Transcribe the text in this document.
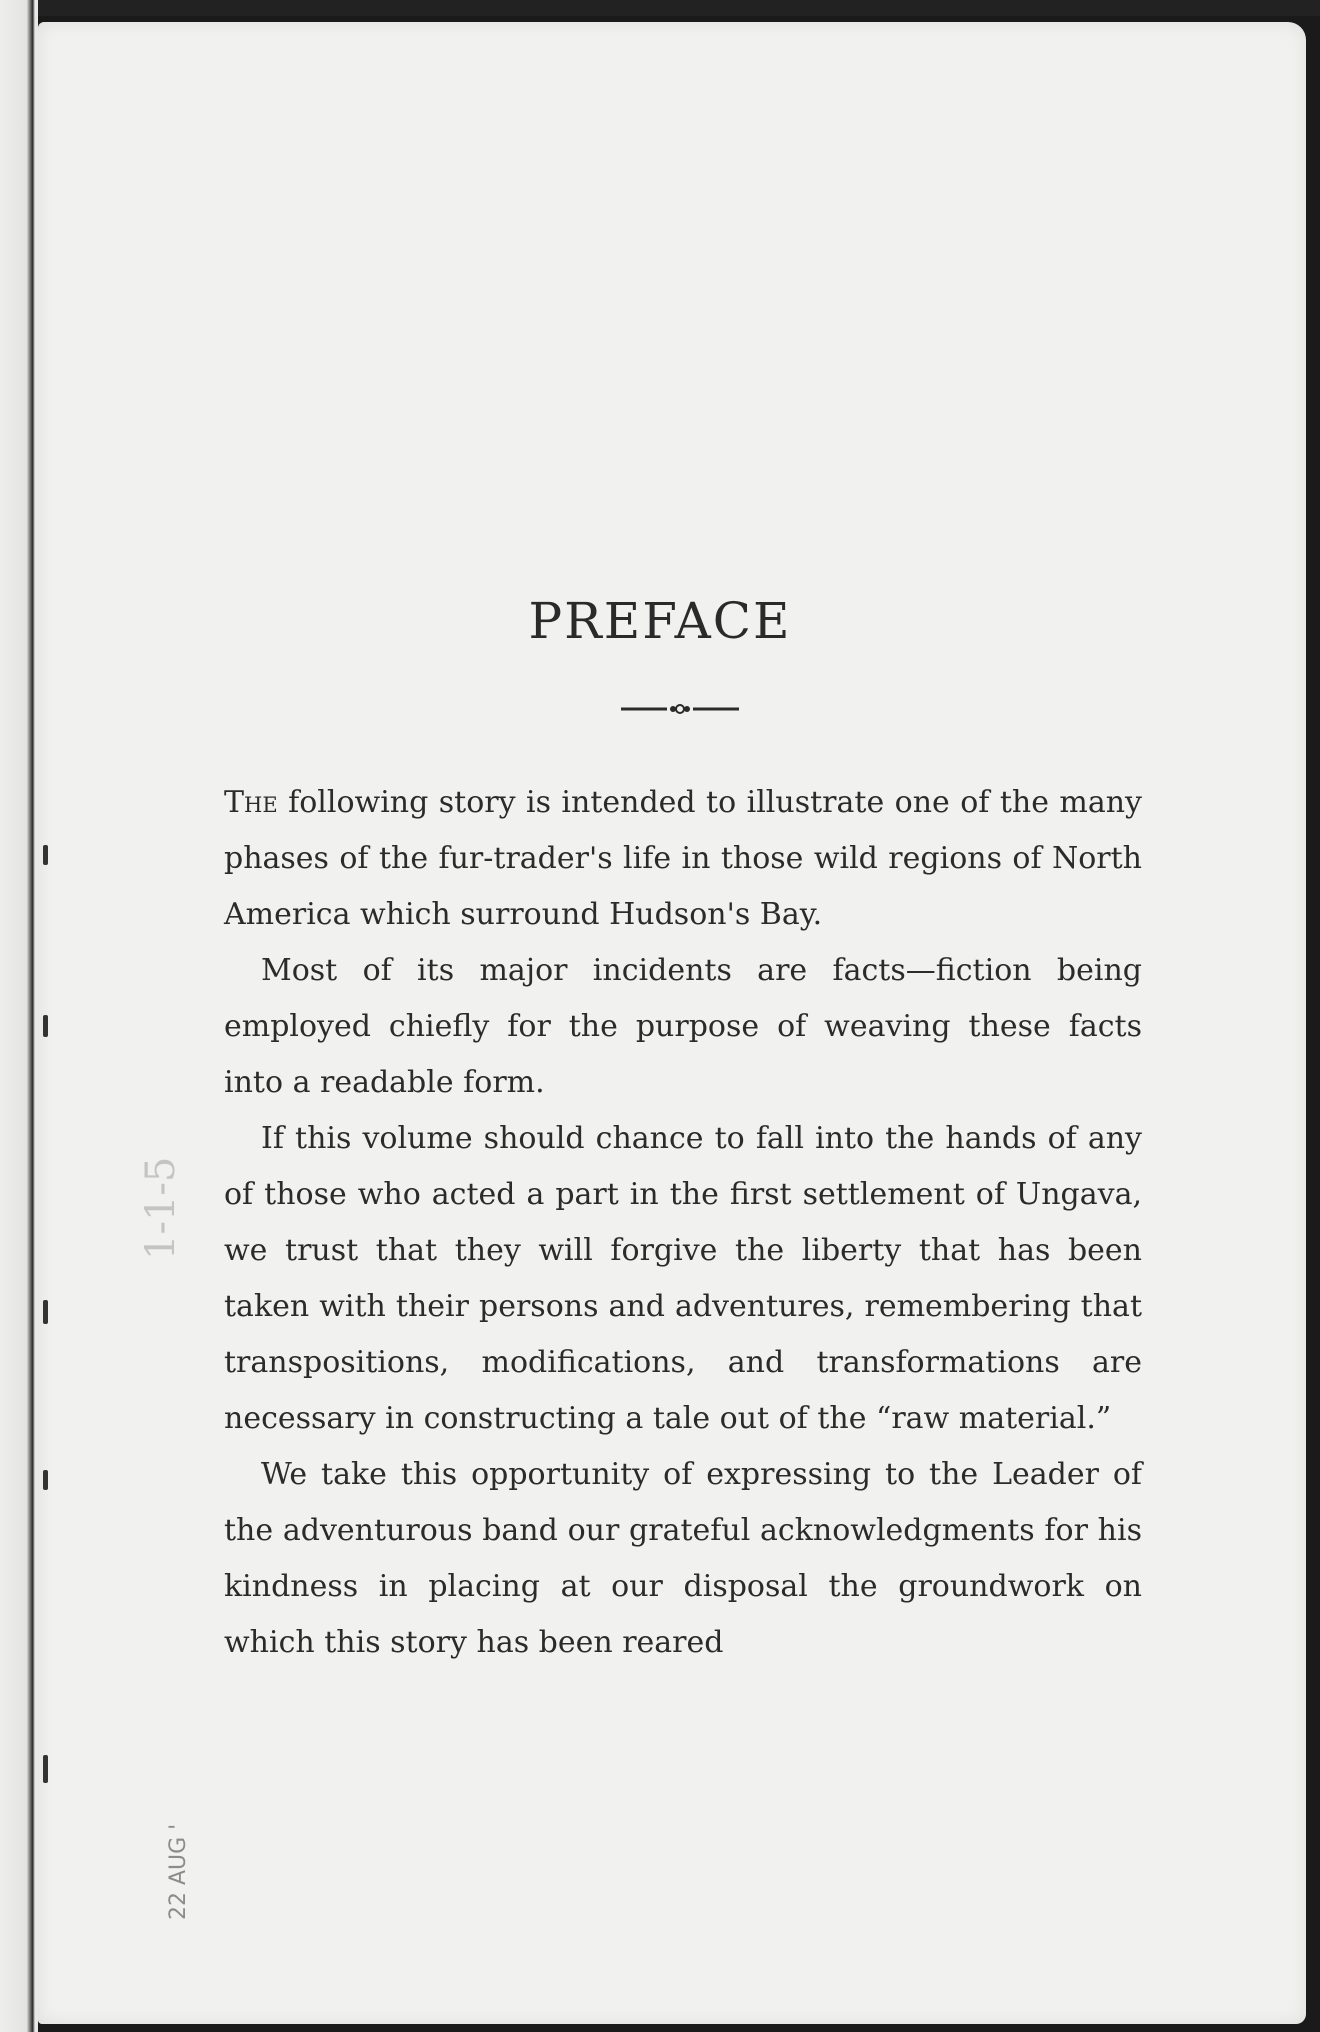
PREFACE

The following story is intended to illustrate one of the many phases of the fur-trader's life in those wild regions of North America which surround Hudson's Bay.

Most of its major incidents are facts—fiction being employed chiefly for the purpose of weaving these facts into a readable form.

If this volume should chance to fall into the hands of any of those who acted a part in the first settlement of Ungava, we trust that they will forgive the liberty that has been taken with their persons and adventures, remembering that transpositions, modifications, and transformations are necessary in constructing a tale out of the “raw material.”

We take this opportunity of expressing to the Leader of the adventurous band our grateful acknowledgments for his kindness in placing at our disposal the groundwork on which this story has been reared

1-1-5
22 AUG '
